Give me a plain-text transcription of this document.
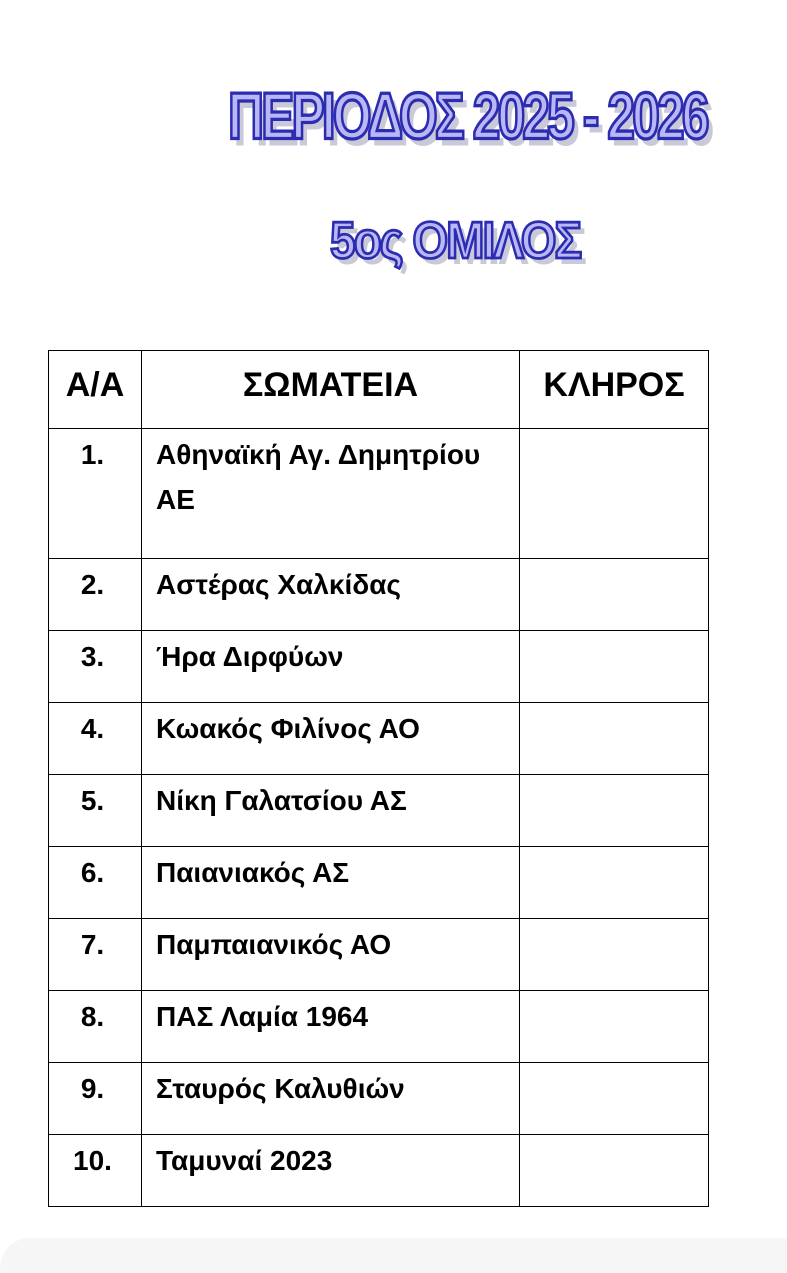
ΠΕΡΙΟΔΟΣ 2025 - 2026
5ος ΟΜΙΛΟΣ
Α/Α	ΣΩΜΑΤΕΙΑ	ΚΛΗΡΟΣ
1.	Αθηναϊκή Αγ. Δημητρίου ΑΕ	
2.	Αστέρας Χαλκίδας	
3.	Ήρα Διρφύων	
4.	Κωακός Φιλίνος ΑΟ	
5.	Νίκη Γαλατσίου ΑΣ	
6.	Παιανιακός ΑΣ	
7.	Παμπαιανικός ΑΟ	
8.	ΠΑΣ Λαμία 1964	
9.	Σταυρός Καλυθιών	
10.	Ταμυναί 2023	
